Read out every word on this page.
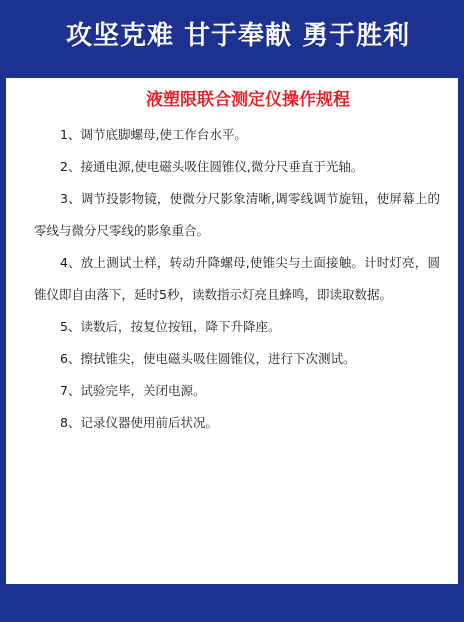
攻坚克难 甘于奉献 勇于胜利
液塑限联合测定仪操作规程
1、调节底脚螺母,使工作台水平。
2、接通电源,使电磁头吸住圆锥仪,微分尺垂直于光轴。
3、调节投影物镜，使微分尺影象清晰,调零线调节旋钮，使屏幕上的零线与微分尺零线的影象重合。
4、放上测试土样，转动升降螺母,使锥尖与土面接触。计时灯亮，圆锥仪即自由落下，延时5秒，读数指示灯亮且蜂鸣，即读取数据。
5、读数后，按复位按钮，降下升降座。
6、擦拭锥尖，使电磁头吸住圆锥仪，进行下次测试。
7、试验完毕，关闭电源。
8、记录仪器使用前后状况。
